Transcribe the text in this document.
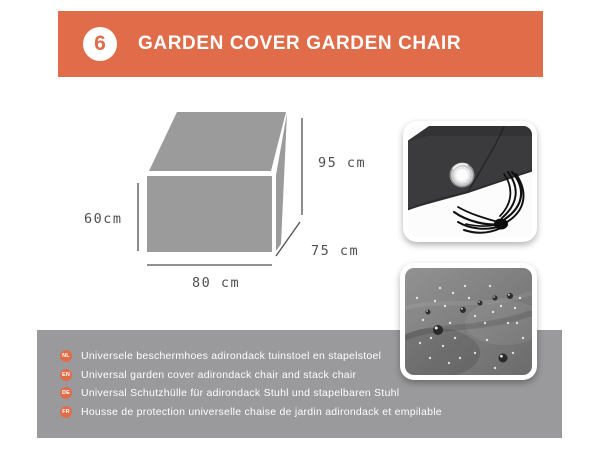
6 GARDEN COVER GARDEN CHAIR
95 cm
75 cm
80 cm
60cm
NL Universele beschermhoes adirondack tuinstoel en stapelstoel
EN Universal garden cover adirondack chair and stack chair
DE Universal Schutzhülle für adirondack Stuhl und stapelbaren Stuhl
FR Housse de protection universelle chaise de jardin adirondack et empilable
